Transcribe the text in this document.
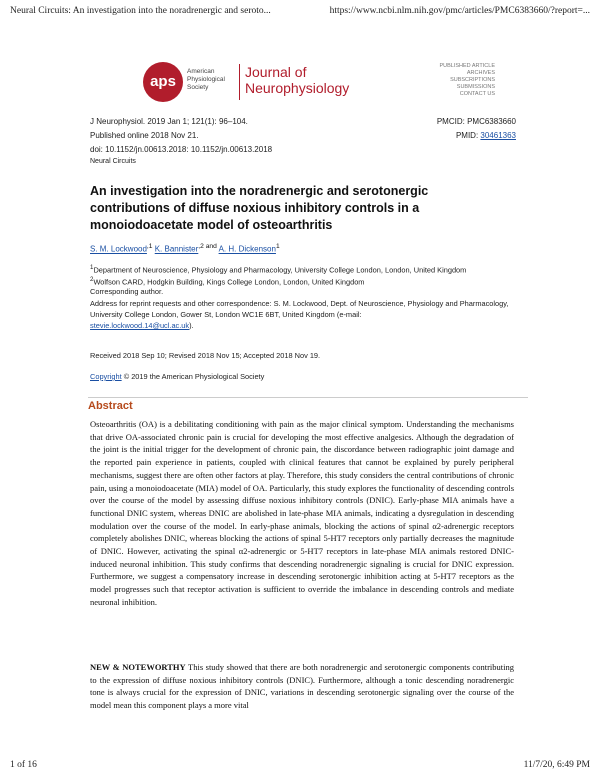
Neural Circuits: An investigation into the noradrenergic and seroto...	https://www.ncbi.nlm.nih.gov/pmc/articles/PMC6383660/?report=...
aps
American Physiological Society
Journal of
Neurophysiology
PUBLISHED ARTICLE
ARCHIVES
SUBSCRIPTIONS
SUBMISSIONS
CONTACT US
J Neurophysiol. 2019 Jan 1; 121(1): 96–104.
Published online 2018 Nov 21.
doi: 10.1152/jn.00613.2018: 10.1152/jn.00613.2018
Neural Circuits
PMCID: PMC6383660
PMID: 30461363
An investigation into the noradrenergic and serotonergic contributions of diffuse noxious inhibitory controls in a monoiodoacetate model of osteoarthritis
S. M. Lockwood$^{,1}$ K. Bannister$^{,2 and}$ A. H. Dickenson$^1$
$^1$Department of Neuroscience, Physiology and Pharmacology, University College London, London, United Kingdom
$^2$Wolfson CARD, Hodgkin Building, Kings College London, London, United Kingdom
Corresponding author.
Address for reprint requests and other correspondence: S. M. Lockwood, Dept. of Neuroscience, Physiology and Pharmacology, University College London, Gower St, London WC1E 6BT, United Kingdom (e-mail:
stevie.lockwood.14@ucl.ac.uk).
Received 2018 Sep 10; Revised 2018 Nov 15; Accepted 2018 Nov 19.
Copyright © 2019 the American Physiological Society
Abstract
Osteoarthritis (OA) is a debilitating conditioning with pain as the major clinical symptom. Understanding the mechanisms that drive OA-associated chronic pain is crucial for developing the most effective analgesics. Although the degradation of the joint is the initial trigger for the development of chronic pain, the discordance between radiographic joint damage and the reported pain experience in patients, coupled with clinical features that cannot be explained by purely peripheral mechanisms, suggest there are often other factors at play. Therefore, this study considers the central contributions of chronic pain, using a monoiodoacetate (MIA) model of OA. Particularly, this study explores the functionality of descending controls over the course of the model by assessing diffuse noxious inhibitory controls (DNIC). Early-phase MIA animals have a functional DNIC system, whereas DNIC are abolished in late-phase MIA animals, indicating a dysregulation in descending modulation over the course of the model. In early-phase animals, blocking the actions of spinal α2-adrenergic receptors completely abolishes DNIC, whereas blocking the actions of spinal 5-HT7 receptors only partially decreases the magnitude of DNIC. However, activating the spinal α2-adrenergic or 5-HT7 receptors in late-phase MIA animals restored DNIC-induced neuronal inhibition. This study confirms that descending noradrenergic signaling is crucial for DNIC expression. Furthermore, we suggest a compensatory increase in descending serotonergic inhibition acting at 5-HT7 receptors as the model progresses such that receptor activation is sufficient to override the imbalance in descending controls and mediate neuronal inhibition.
NEW & NOTEWORTHY This study showed that there are both noradrenergic and serotonergic components contributing to the expression of diffuse noxious inhibitory controls (DNIC). Furthermore, although a tonic descending noradrenergic tone is always crucial for the expression of DNIC, variations in descending serotonergic signaling over the course of the model mean this component plays a more vital
1 of 16	11/7/20, 6:49 PM
